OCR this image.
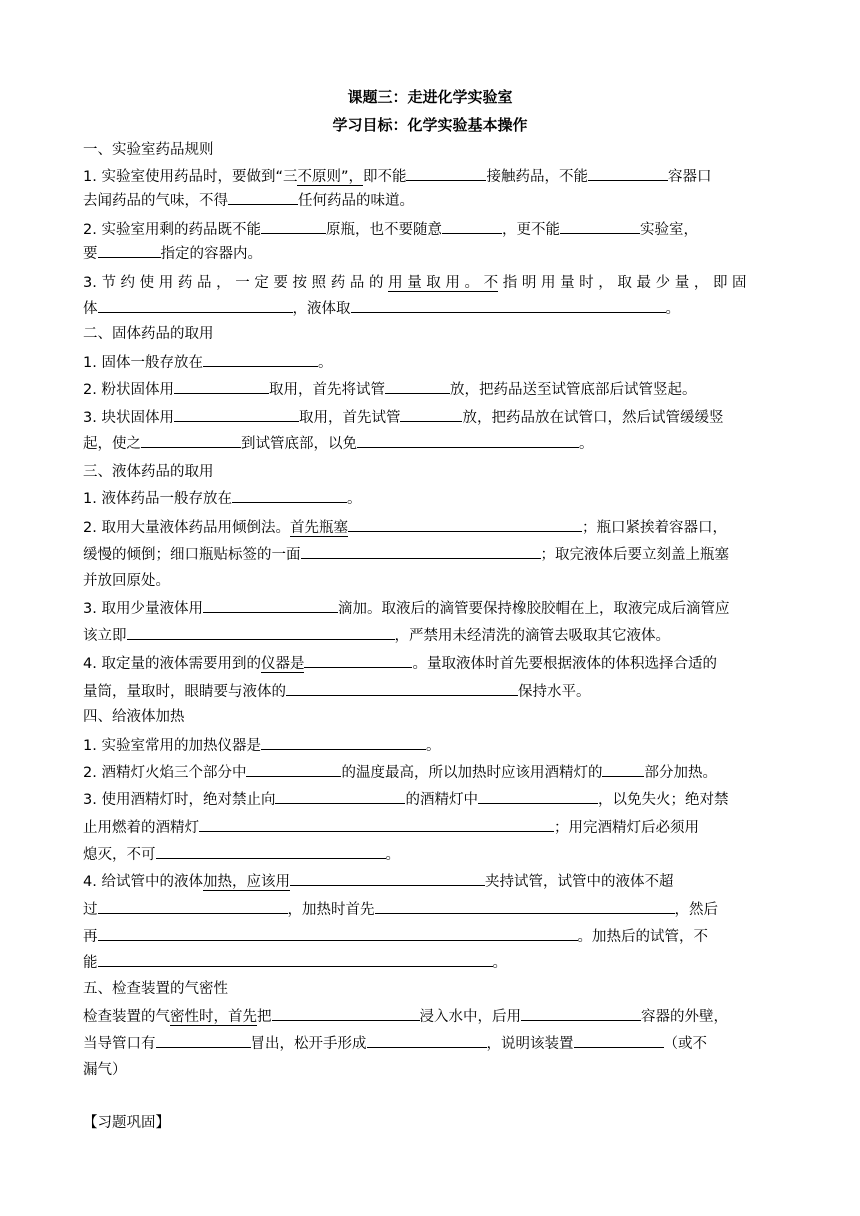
课题三：走进化学实验室
学习目标：化学实验基本操作
一、实验室药品规则
1. 实验室使用药品时，要做到“三不原则”，即不能	接触药品，不能	容器口
去闻药品的气味，不得	任何药品的味道。
2. 实验室用剩的药品既不能	原瓶，也不要随意	，更不能	实验室，
要	指定的容器内。
3. 节 约 使 用 药 品 ， 一 定 要 按 照 药 品 的 用 量 取 用 。 不 指 明 用 量 时 ， 取 最 少 量 ， 即 固
体	，液体取	。
二、固体药品的取用
1. 固体一般存放在	。
2. 粉状固体用	取用，首先将试管	放，把药品送至试管底部后试管竖起。
3. 块状固体用	取用，首先试管	放，把药品放在试管口，然后试管缓缓竖
起，使之	到试管底部，以免	。
三、液体药品的取用
1. 液体药品一般存放在	。
2. 取用大量液体药品用倾倒法。首先瓶塞	；瓶口紧挨着容器口，
缓慢的倾倒；细口瓶贴标签的一面	；取完液体后要立刻盖上瓶塞
并放回原处。
3. 取用少量液体用	滴加。取液后的滴管要保持橡胶胶帽在上，取液完成后滴管应
该立即	，严禁用未经清洗的滴管去吸取其它液体。
4. 取定量的液体需要用到的仪器是	。量取液体时首先要根据液体的体积选择合适的
量筒，量取时，眼睛要与液体的	保持水平。
四、给液体加热
1. 实验室常用的加热仪器是	。
2. 酒精灯火焰三个部分中	的温度最高，所以加热时应该用酒精灯的	部分加热。
3. 使用酒精灯时，绝对禁止向	的酒精灯中	，以免失火；绝对禁
止用燃着的酒精灯	；用完酒精灯后必须用
熄灭，不可	。
4. 给试管中的液体加热，应该用	夹持试管，试管中的液体不超
过	，加热时首先	，然后
再	。加热后的试管，不
能	。
五、检查装置的气密性
检查装置的气密性时，首先把	浸入水中，后用	容器的外壁，
当导管口有	冒出，松开手形成	，说明该装置	（或不
漏气）
【习题巩固】
